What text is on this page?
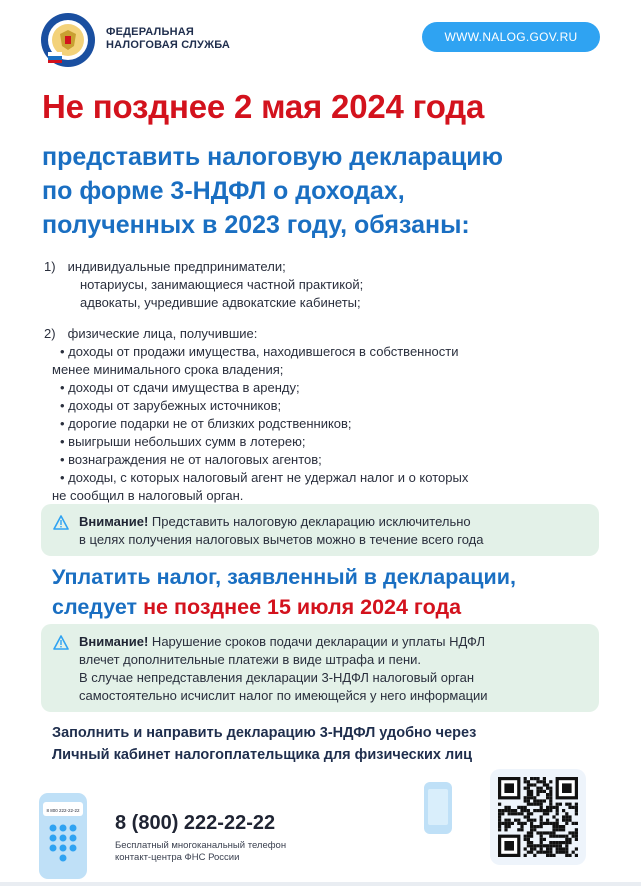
ФЕДЕРАЛЬНАЯ
НАЛОГОВАЯ СЛУЖБА
WWW.NALOG.GOV.RU
Не позднее 2 мая 2024 года
представить налоговую декларацию
по форме 3-НДФЛ о доходах,
полученных в 2023 году, обязаны:
1) индивидуальные предприниматели;
нотариусы, занимающиеся частной практикой;
адвокаты, учредившие адвокатские кабинеты;
2) физические лица, получившие:
• доходы от продажи имущества, находившегося в собственности
менее минимального срока владения;
• доходы от сдачи имущества в аренду;
• доходы от зарубежных источников;
• дорогие подарки не от близких родственников;
• выигрыши небольших сумм в лотерею;
• вознаграждения не от налоговых агентов;
• доходы, с которых налоговый агент не удержал налог и о которых
не сообщил в налоговый орган.
Внимание! Представить налоговую декларацию исключительно
в целях получения налоговых вычетов можно в течение всего года
Уплатить налог, заявленный в декларации,
следует не позднее 15 июля 2024 года
Внимание! Нарушение сроков подачи декларации и уплаты НДФЛ
влечет дополнительные платежи в виде штрафа и пени.
В случае непредставления декларации 3-НДФЛ налоговый орган
самостоятельно исчислит налог по имеющейся у него информации
Заполнить и направить декларацию 3-НДФЛ удобно через
Личный кабинет налогоплательщика для физических лиц
8 800 222-22-22
8 (800) 222-22-22
Бесплатный многоканальный телефон
контакт-центра ФНС России
